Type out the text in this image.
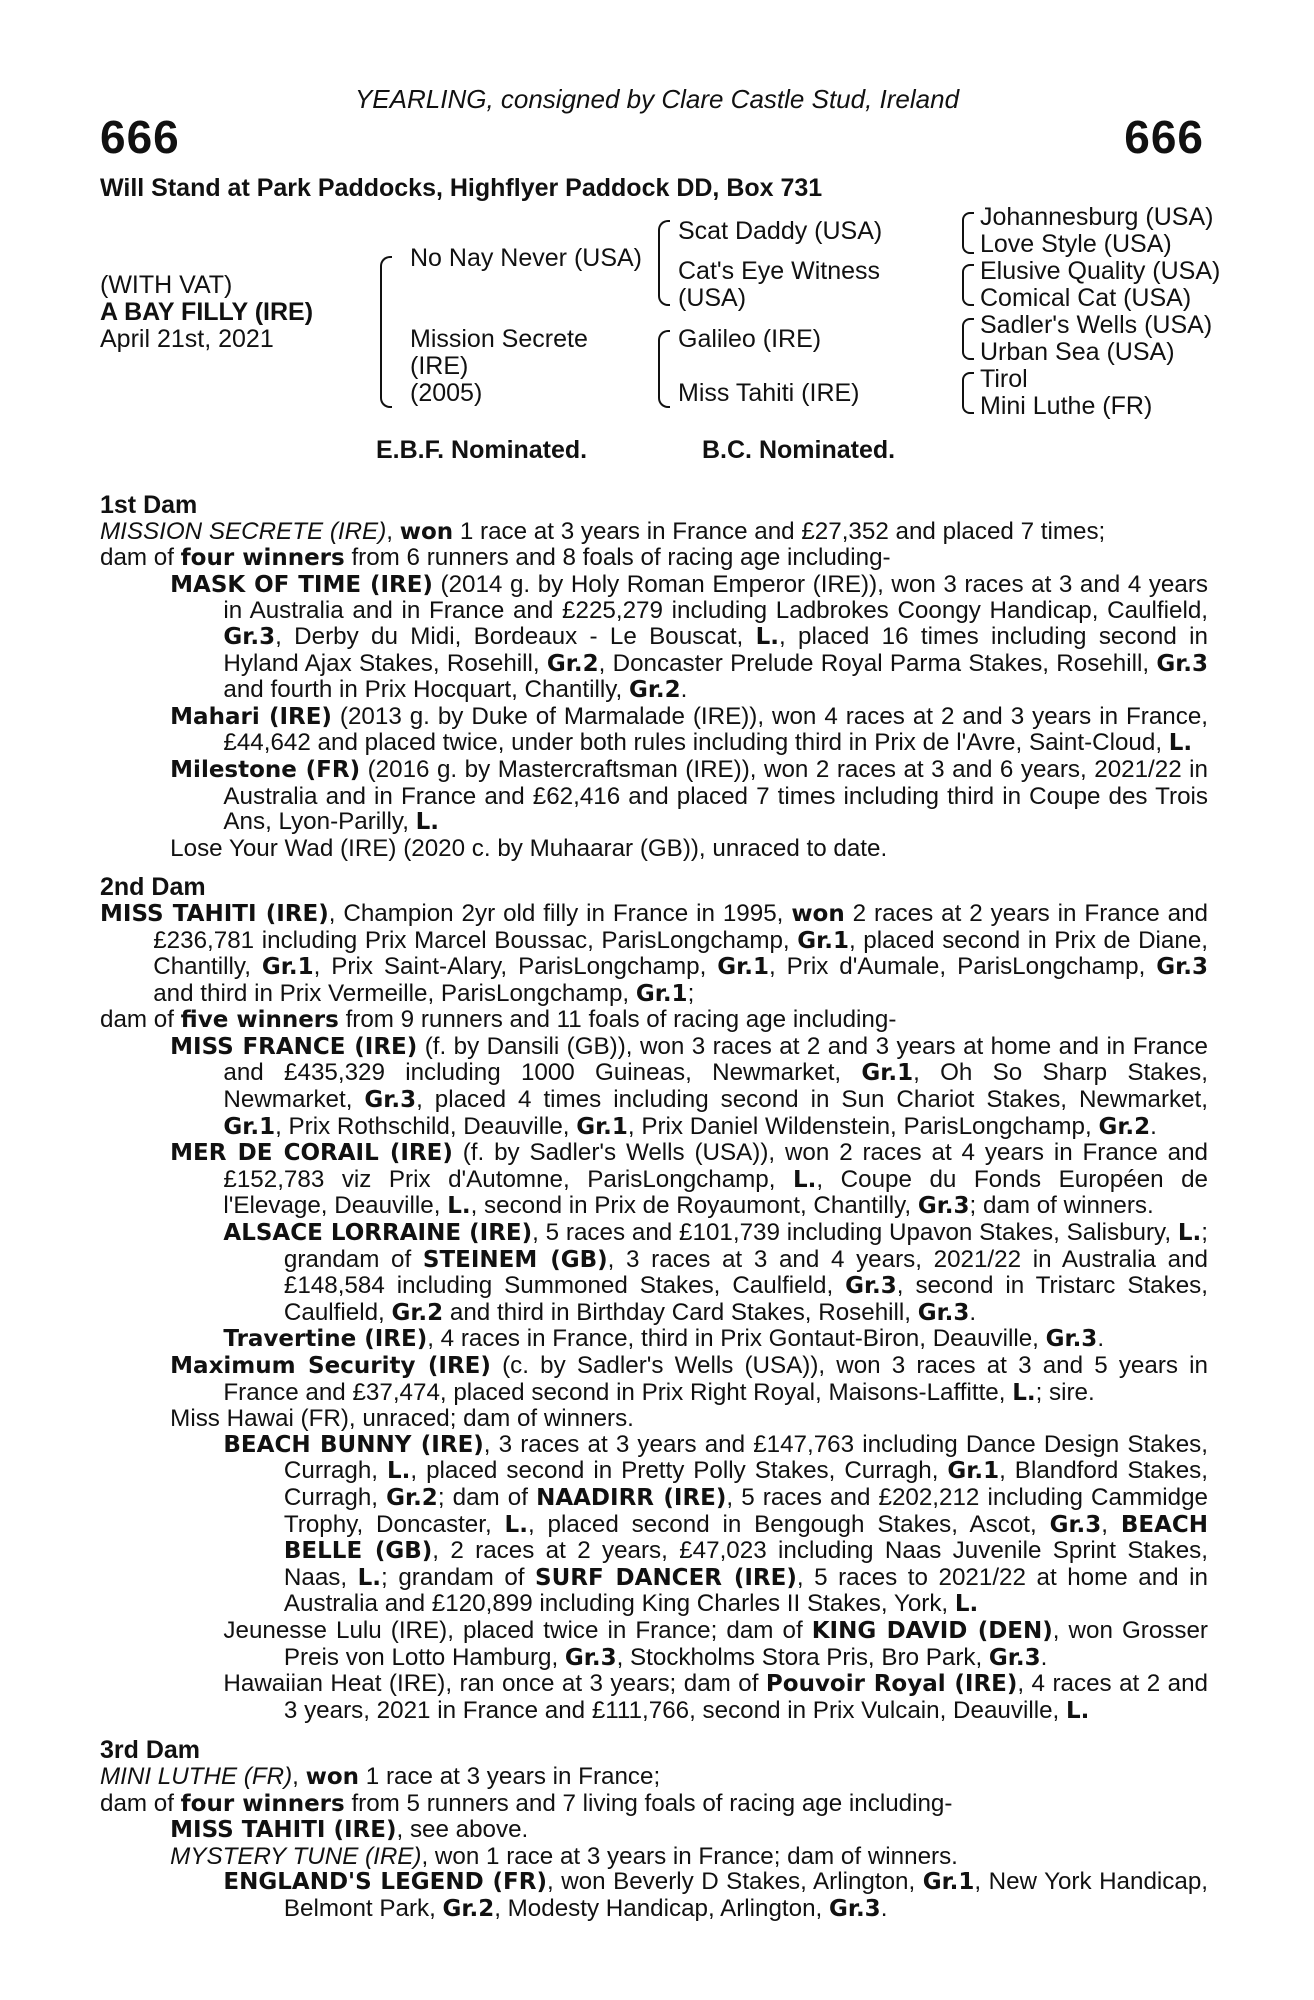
YEARLING, consigned by Clare Castle Stud, Ireland
666	666
Will Stand at Park Paddocks, Highflyer Paddock DD, Box 731
(WITH VAT)
A BAY FILLY (IRE)
April 21st, 2021
No Nay Never (USA)
Mission Secrete
(IRE)
(2005)
Scat Daddy (USA)
Cat's Eye Witness
(USA)
Galileo (IRE)
Miss Tahiti (IRE)
Johannesburg (USA)
Love Style (USA)
Elusive Quality (USA)
Comical Cat (USA)
Sadler's Wells (USA)
Urban Sea (USA)
Tirol
Mini Luthe (FR)
E.B.F. Nominated.	B.C. Nominated.
1st Dam
MISSION SECRETE (IRE), won 1 race at 3 years in France and £27,352 and placed 7 times;
dam of four winners from 6 runners and 8 foals of racing age including-
MASK OF TIME (IRE) (2014 g. by Holy Roman Emperor (IRE)), won 3 races at 3 and 4 years in Australia and in France and £225,279 including Ladbrokes Coongy Handicap, Caulfield, Gr.3, Derby du Midi, Bordeaux - Le Bouscat, L., placed 16 times including second in Hyland Ajax Stakes, Rosehill, Gr.2, Doncaster Prelude Royal Parma Stakes, Rosehill, Gr.3 and fourth in Prix Hocquart, Chantilly, Gr.2.
Mahari (IRE) (2013 g. by Duke of Marmalade (IRE)), won 4 races at 2 and 3 years in France, £44,642 and placed twice, under both rules including third in Prix de l'Avre, Saint-Cloud, L.
Milestone (FR) (2016 g. by Mastercraftsman (IRE)), won 2 races at 3 and 6 years, 2021/22 in Australia and in France and £62,416 and placed 7 times including third in Coupe des Trois Ans, Lyon-Parilly, L.
Lose Your Wad (IRE) (2020 c. by Muhaarar (GB)), unraced to date.
2nd Dam
MISS TAHITI (IRE), Champion 2yr old filly in France in 1995, won 2 races at 2 years in France and £236,781 including Prix Marcel Boussac, ParisLongchamp, Gr.1, placed second in Prix de Diane, Chantilly, Gr.1, Prix Saint-Alary, ParisLongchamp, Gr.1, Prix d'Aumale, ParisLongchamp, Gr.3 and third in Prix Vermeille, ParisLongchamp, Gr.1;
dam of five winners from 9 runners and 11 foals of racing age including-
MISS FRANCE (IRE) (f. by Dansili (GB)), won 3 races at 2 and 3 years at home and in France and £435,329 including 1000 Guineas, Newmarket, Gr.1, Oh So Sharp Stakes, Newmarket, Gr.3, placed 4 times including second in Sun Chariot Stakes, Newmarket, Gr.1, Prix Rothschild, Deauville, Gr.1, Prix Daniel Wildenstein, ParisLongchamp, Gr.2.
MER DE CORAIL (IRE) (f. by Sadler's Wells (USA)), won 2 races at 4 years in France and £152,783 viz Prix d'Automne, ParisLongchamp, L., Coupe du Fonds Européen de l'Elevage, Deauville, L., second in Prix de Royaumont, Chantilly, Gr.3; dam of winners.
ALSACE LORRAINE (IRE), 5 races and £101,739 including Upavon Stakes, Salisbury, L.; grandam of STEINEM (GB), 3 races at 3 and 4 years, 2021/22 in Australia and £148,584 including Summoned Stakes, Caulfield, Gr.3, second in Tristarc Stakes, Caulfield, Gr.2 and third in Birthday Card Stakes, Rosehill, Gr.3.
Travertine (IRE), 4 races in France, third in Prix Gontaut-Biron, Deauville, Gr.3.
Maximum Security (IRE) (c. by Sadler's Wells (USA)), won 3 races at 3 and 5 years in France and £37,474, placed second in Prix Right Royal, Maisons-Laffitte, L.; sire.
Miss Hawai (FR), unraced; dam of winners.
BEACH BUNNY (IRE), 3 races at 3 years and £147,763 including Dance Design Stakes, Curragh, L., placed second in Pretty Polly Stakes, Curragh, Gr.1, Blandford Stakes, Curragh, Gr.2; dam of NAADIRR (IRE), 5 races and £202,212 including Cammidge Trophy, Doncaster, L., placed second in Bengough Stakes, Ascot, Gr.3, BEACH BELLE (GB), 2 races at 2 years, £47,023 including Naas Juvenile Sprint Stakes, Naas, L.; grandam of SURF DANCER (IRE), 5 races to 2021/22 at home and in Australia and £120,899 including King Charles II Stakes, York, L.
Jeunesse Lulu (IRE), placed twice in France; dam of KING DAVID (DEN), won Grosser Preis von Lotto Hamburg, Gr.3, Stockholms Stora Pris, Bro Park, Gr.3.
Hawaiian Heat (IRE), ran once at 3 years; dam of Pouvoir Royal (IRE), 4 races at 2 and 3 years, 2021 in France and £111,766, second in Prix Vulcain, Deauville, L.
3rd Dam
MINI LUTHE (FR), won 1 race at 3 years in France;
dam of four winners from 5 runners and 7 living foals of racing age including-
MISS TAHITI (IRE), see above.
MYSTERY TUNE (IRE), won 1 race at 3 years in France; dam of winners.
ENGLAND'S LEGEND (FR), won Beverly D Stakes, Arlington, Gr.1, New York Handicap, Belmont Park, Gr.2, Modesty Handicap, Arlington, Gr.3.
